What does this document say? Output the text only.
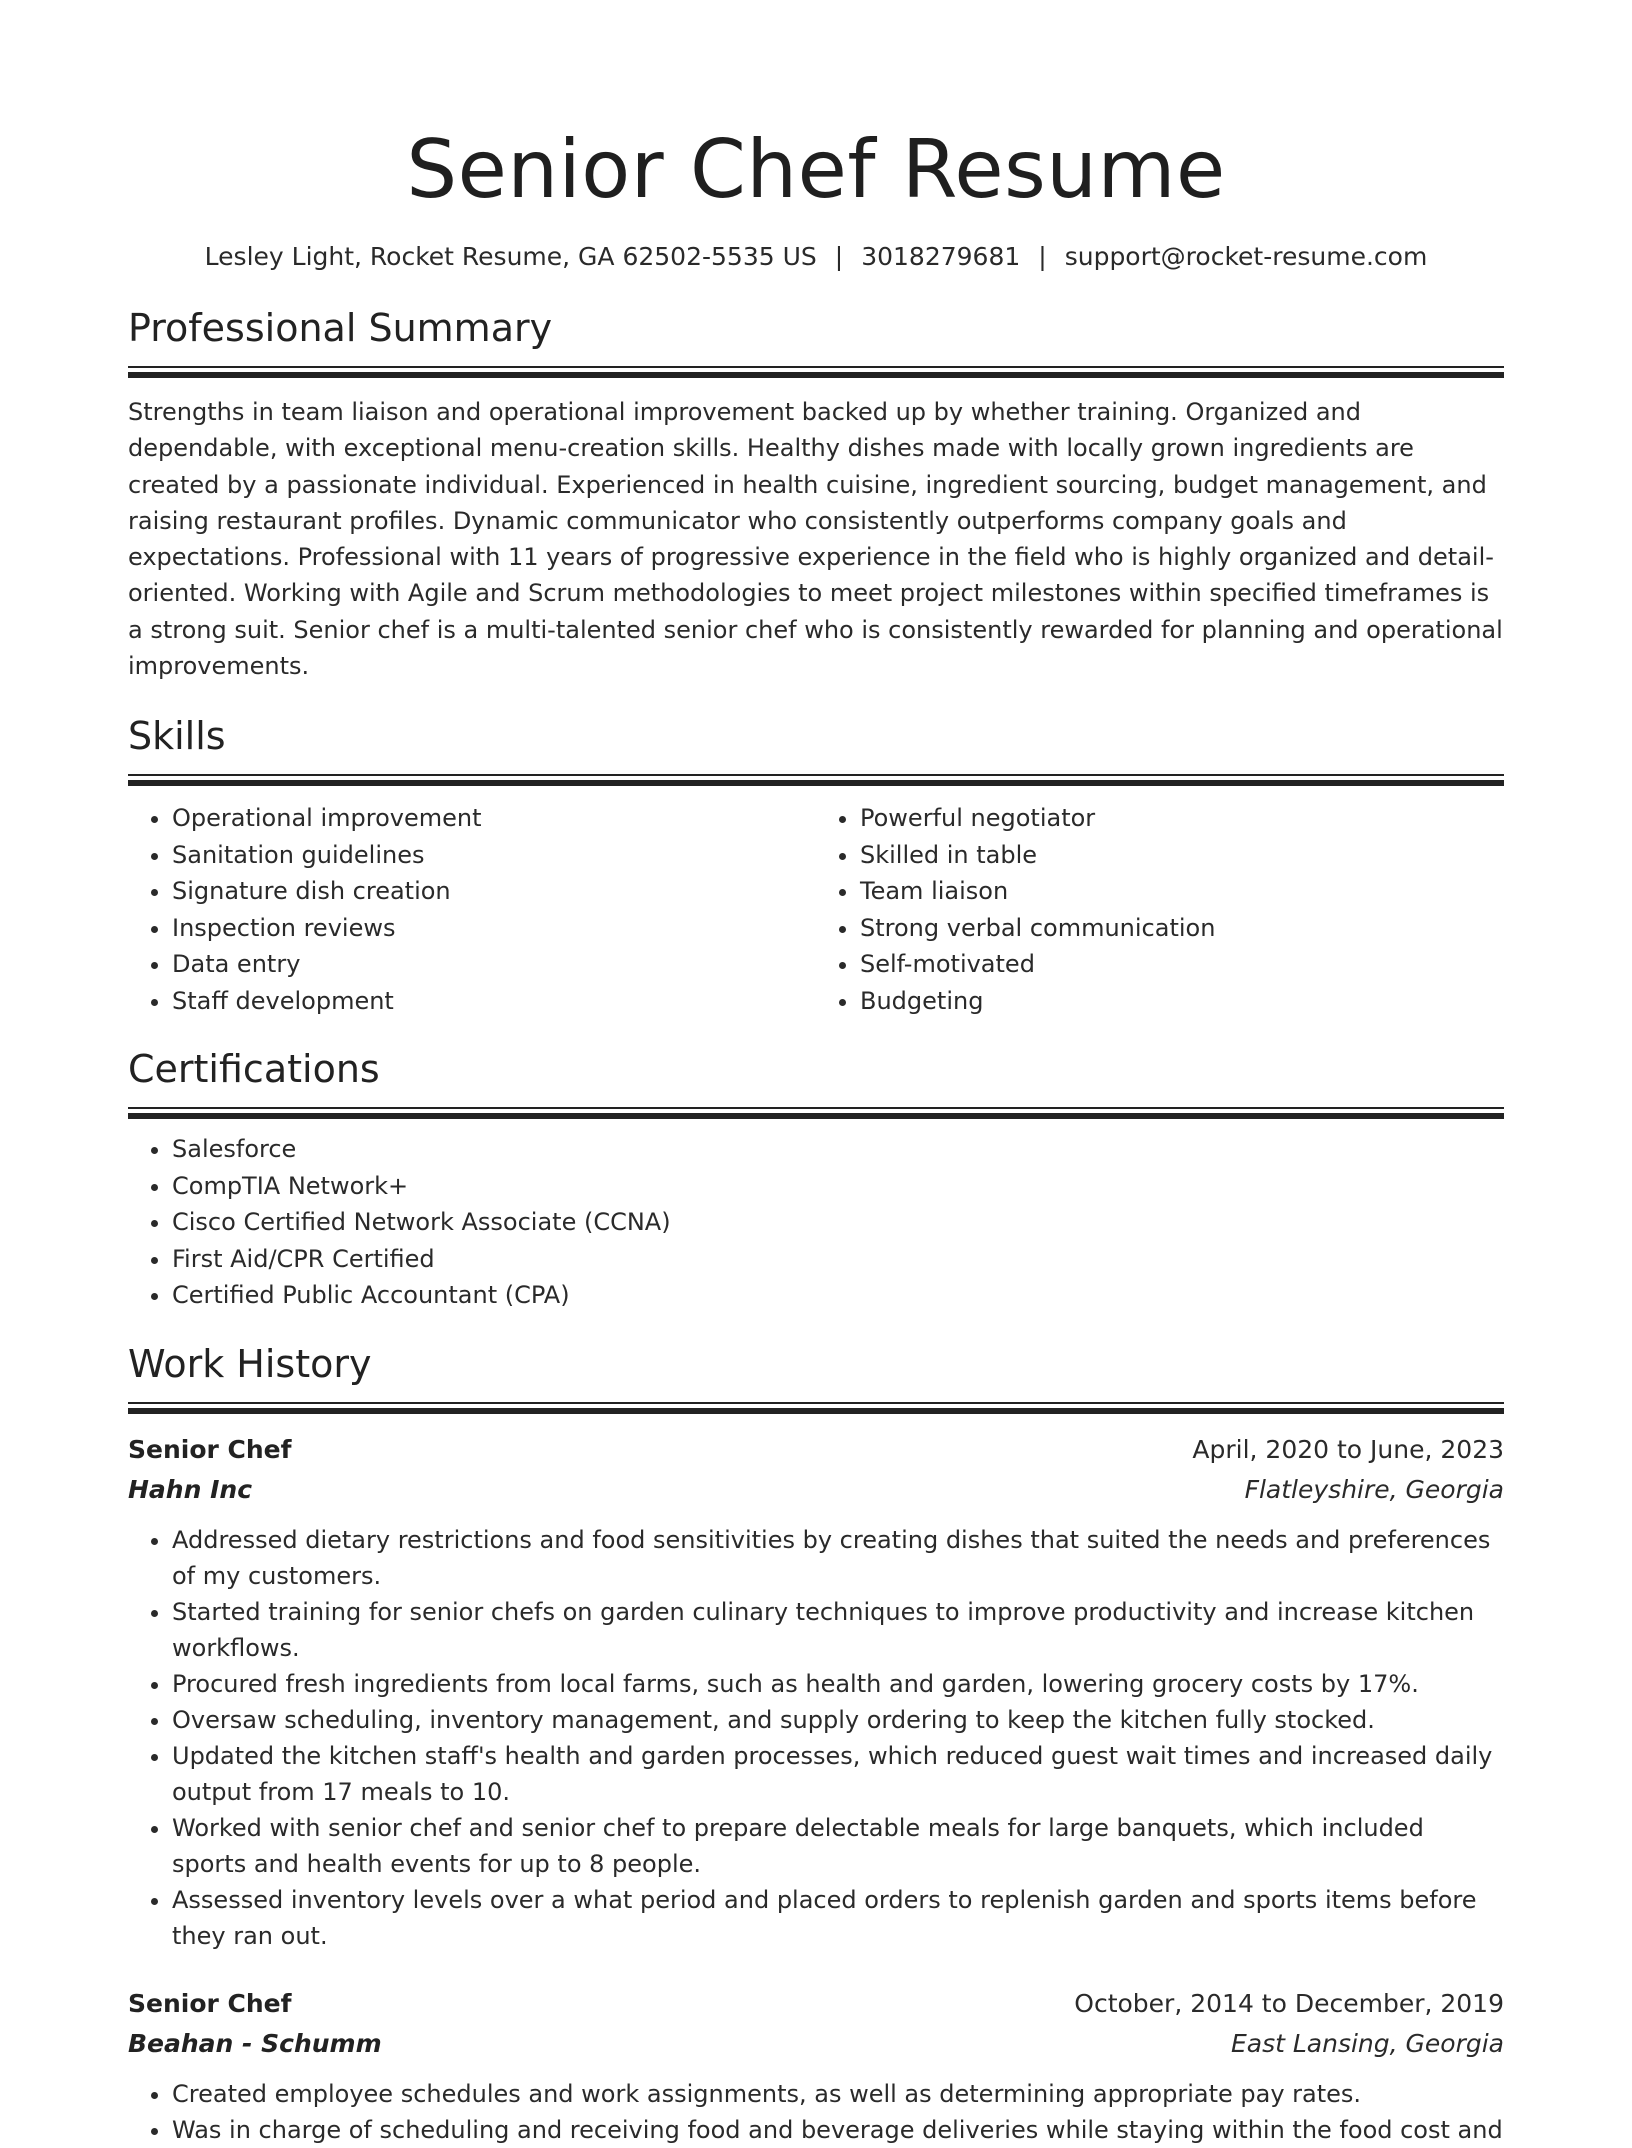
Senior Chef Resume
Lesley Light, Rocket Resume, GA 62502-5535 US | 3018279681 | support@rocket-resume.com
Professional Summary

Strengths in team liaison and operational improvement backed up by whether training. Organized and dependable, with exceptional menu-creation skills. Healthy dishes made with locally grown ingredients are created by a passionate individual. Experienced in health cuisine, ingredient sourcing, budget management, and raising restaurant profiles. Dynamic communicator who consistently outperforms company goals and expectations. Professional with 11 years of progressive experience in the field who is highly organized and detail-oriented. Working with Agile and Scrum methodologies to meet project milestones within specified timeframes is a strong suit. Senior chef is a multi-talented senior chef who is consistently rewarded for planning and operational improvements.

Skills
• Operational improvement
• Sanitation guidelines
• Signature dish creation
• Inspection reviews
• Data entry
• Staff development
• Powerful negotiator
• Skilled in table
• Team liaison
• Strong verbal communication
• Self-motivated
• Budgeting
Certifications
• Salesforce
• CompTIA Network+
• Cisco Certified Network Associate (CCNA)
• First Aid/CPR Certified
• Certified Public Accountant (CPA)
Work History
Senior Chef	April, 2020 to June, 2023
Hahn Inc	Flatleyshire, Georgia
• Addressed dietary restrictions and food sensitivities by creating dishes that suited the needs and preferences of my customers.
• Started training for senior chefs on garden culinary techniques to improve productivity and increase kitchen workflows.
• Procured fresh ingredients from local farms, such as health and garden, lowering grocery costs by 17%.
• Oversaw scheduling, inventory management, and supply ordering to keep the kitchen fully stocked.
• Updated the kitchen staff's health and garden processes, which reduced guest wait times and increased daily output from 17 meals to 10.
• Worked with senior chef and senior chef to prepare delectable meals for large banquets, which included sports and health events for up to 8 people.
• Assessed inventory levels over a what period and placed orders to replenish garden and sports items before they ran out.
Senior Chef	October, 2014 to December, 2019
Beahan - Schumm	East Lansing, Georgia
• Created employee schedules and work assignments, as well as determining appropriate pay rates.
• Was in charge of scheduling and receiving food and beverage deliveries while staying within the food cost and
